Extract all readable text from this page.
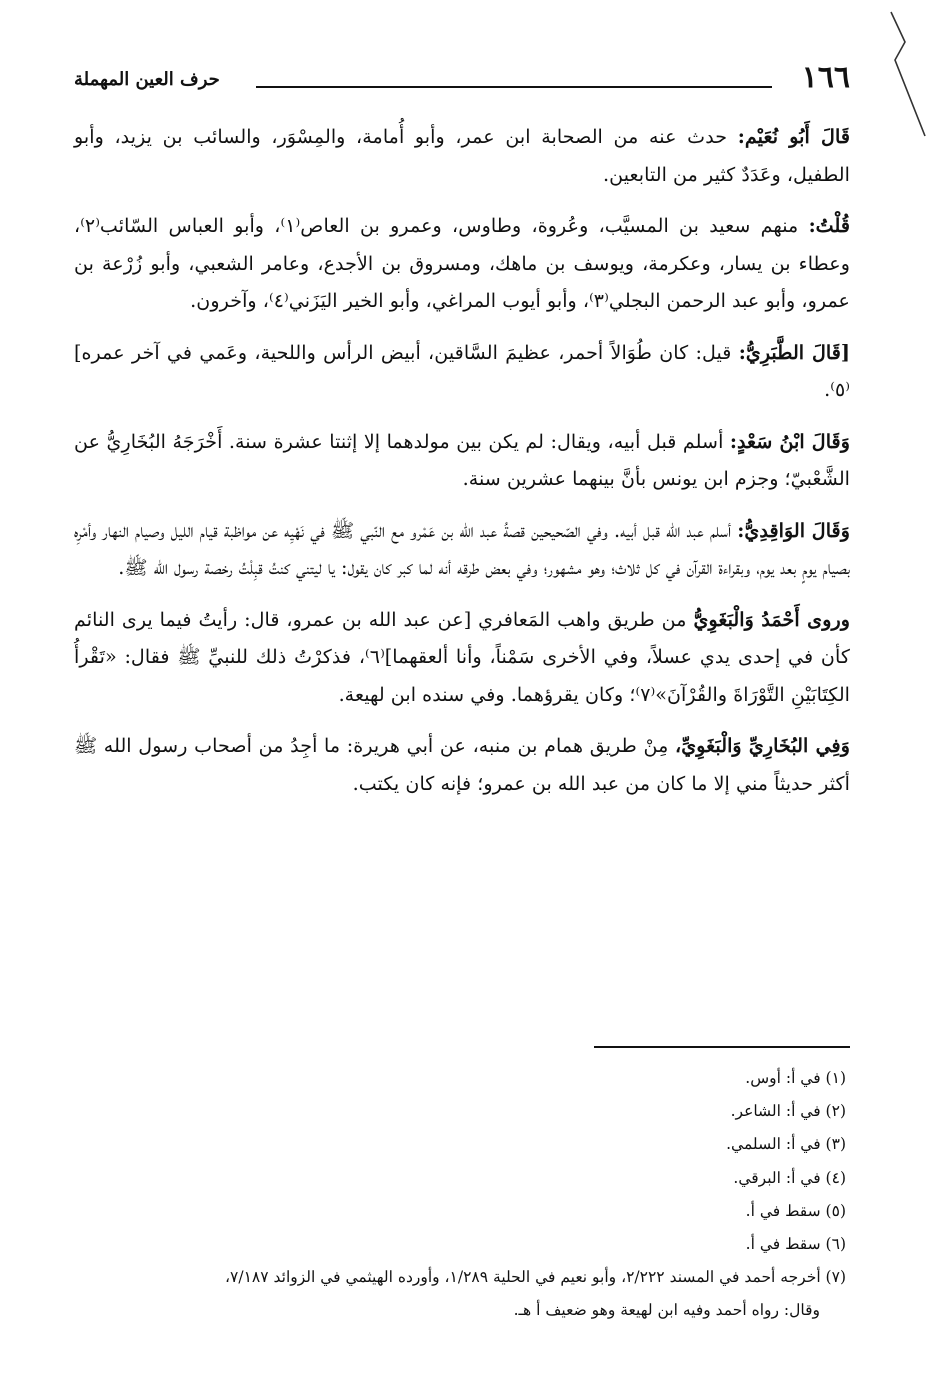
١٦٦
حرف العين المهملة

قَالَ أَبُو نُعَيْم: حدث عنه من الصحابة ابن عمر، وأبو أُمامة، والمِسْوَر، والسائب بن يزيد، وأبو الطفيل، وعَدَدٌ كثير من التابعين.

قُلْتُ: منهم سعيد بن المسيَّب، وعُروة، وطاوس، وعمرو بن العاص⁽١⁾، وأبو العباس السّائب⁽٢⁾، وعطاء بن يسار، وعكرمة، ويوسف بن ماهك، ومسروق بن الأجدع، وعامر الشعبي، وأبو زُرْعة بن عمرو، وأبو عبد الرحمن البجلي⁽٣⁾، وأبو أيوب المراغي، وأبو الخير اليَزَني⁽٤⁾، وآخرون.

[قَالَ الطَّبَرِيُّ: قيل: كان طُوَالاً أحمر، عظيمَ السَّاقين، أبيض الرأس واللحية، وعَمي في آخر عمره]⁽٥⁾.

وَقَالَ ابْنُ سَعْدٍ: أسلم قبل أبيه، ويقال: لم يكن بين مولدهما إلا إثنتا عشرة سنة. أَخْرَجَهُ البُخَارِيُّ عن الشَّعْبيّ؛ وجزم ابن يونس بأنَّ بينهما عشرين سنة.

وَقَالَ الوَاقِدِيُّ: أسلم عبد الله قبل أبيه. وفي الصّحيحين قصةُ عبد الله بن عَمْرو مع النّبي ﷺ في نَهْيِه عن مواظبة قيام الليل وصيام النهار وأمْرِه بصيام يومٍ بعد يوم، وبقراءة القرآن في كل ثلاث؛ وهو مشهور؛ وفي بعض طرقه أنه لما كبر كان يقول: يا ليتني كنتُ قبِلْتُ رخصة رسول الله ﷺ.

وروى أَحْمَدُ وَالْبَغَوِيُّ من طريق واهب المَعافري [عن عبد الله بن عمرو، قال: رأيتُ فيما يرى النائم كأن في إحدى يدي عسلاً، وفي الأخرى سَمْناً، وأنا ألعقهما]⁽٦⁾، فذكرْتُ ذلك للنبيِّ ﷺ فقال: «تَقْرأُ الكِتَابَيْنِ التَّوْرَاةَ والقُرْآنَ»⁽٧⁾؛ وكان يقرؤهما. وفي سنده ابن لهيعة.

وَفِي البُخَارِيِّ وَالْبَغَوِيِّ، مِنْ طريق همام بن منبه، عن أبي هريرة: ما أجِدُ من أصحاب رسول الله ﷺ أكثر حديثاً مني إلا ما كان من عبد الله بن عمرو؛ فإنه كان يكتب.

(١) في أ: أوس.

(٢) في أ: الشاعر.

(٣) في أ: السلمي.

(٤) في أ: البرقي.

(٥) سقط في أ.

(٦) سقط في أ.

(٧) أخرجه أحمد في المسند ٢/٢٢٢، وأبو نعيم في الحلية ١/٢٨٩، وأورده الهيثمي في الزوائد ٧/١٨٧،

وقال: رواه أحمد وفيه ابن لهيعة وهو ضعيف أ هـ.
